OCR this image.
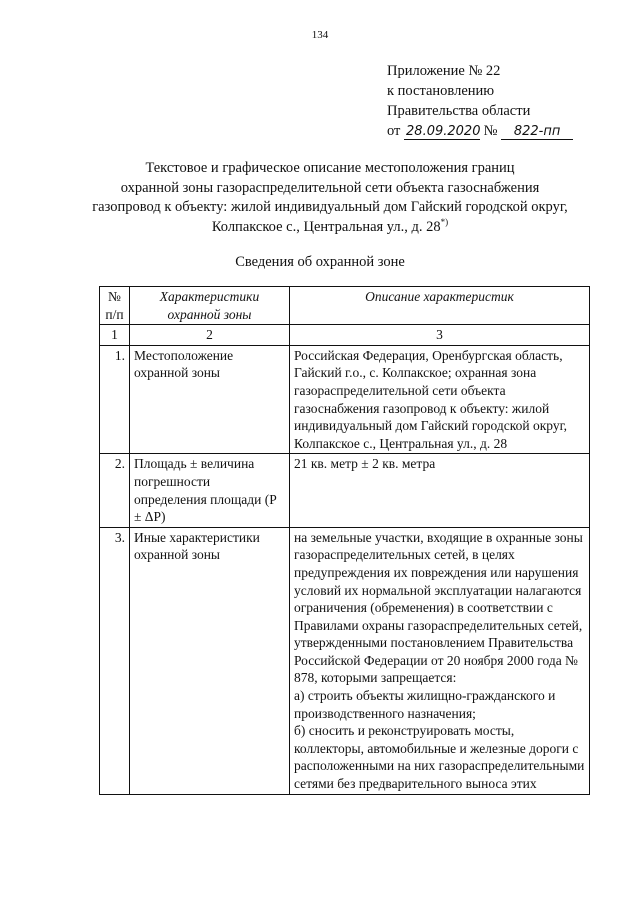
134
Приложение № 22
к постановлению
Правительства области
от 28.09.2020 № 822-пп
Текстовое и графическое описание местоположения границ
охранной зоны газораспределительной сети объекта газоснабжения
газопровод к объекту: жилой индивидуальный дом Гайский городской округ,
Колпакское с., Центральная ул., д. 28*)
Сведения об охранной зоне
№ п/п	Характеристики охранной зоны	Описание характеристик
1	2	3
1.	Местоположение охранной зоны	Российская Федерация, Оренбургская область, Гайский г.о., с. Колпакское; охранная зона газораспределительной сети объекта газоснабжения газопровод к объекту: жилой индивидуальный дом Гайский городской округ, Колпакское с., Центральная ул., д. 28
2.	Площадь ± величина погрешности определения площади (Р ± ΔР)	21 кв. метр ± 2 кв. метра
3.	Иные характеристики охранной зоны	на земельные участки, входящие в охранные зоны газораспределительных сетей, в целях предупреждения их повреждения или нарушения условий их нормальной эксплуатации налагаются ограничения (обременения) в соответствии с Правилами охраны газораспределительных сетей, утвержденными постановлением Правительства Российской Федерации от 20 ноября 2000 года № 878, которыми запрещается:
а) строить объекты жилищно-гражданского и производственного назначения;
б) сносить и реконструировать мосты, коллекторы, автомобильные и железные дороги с расположенными на них газораспределительными сетями без предварительного выноса этих
